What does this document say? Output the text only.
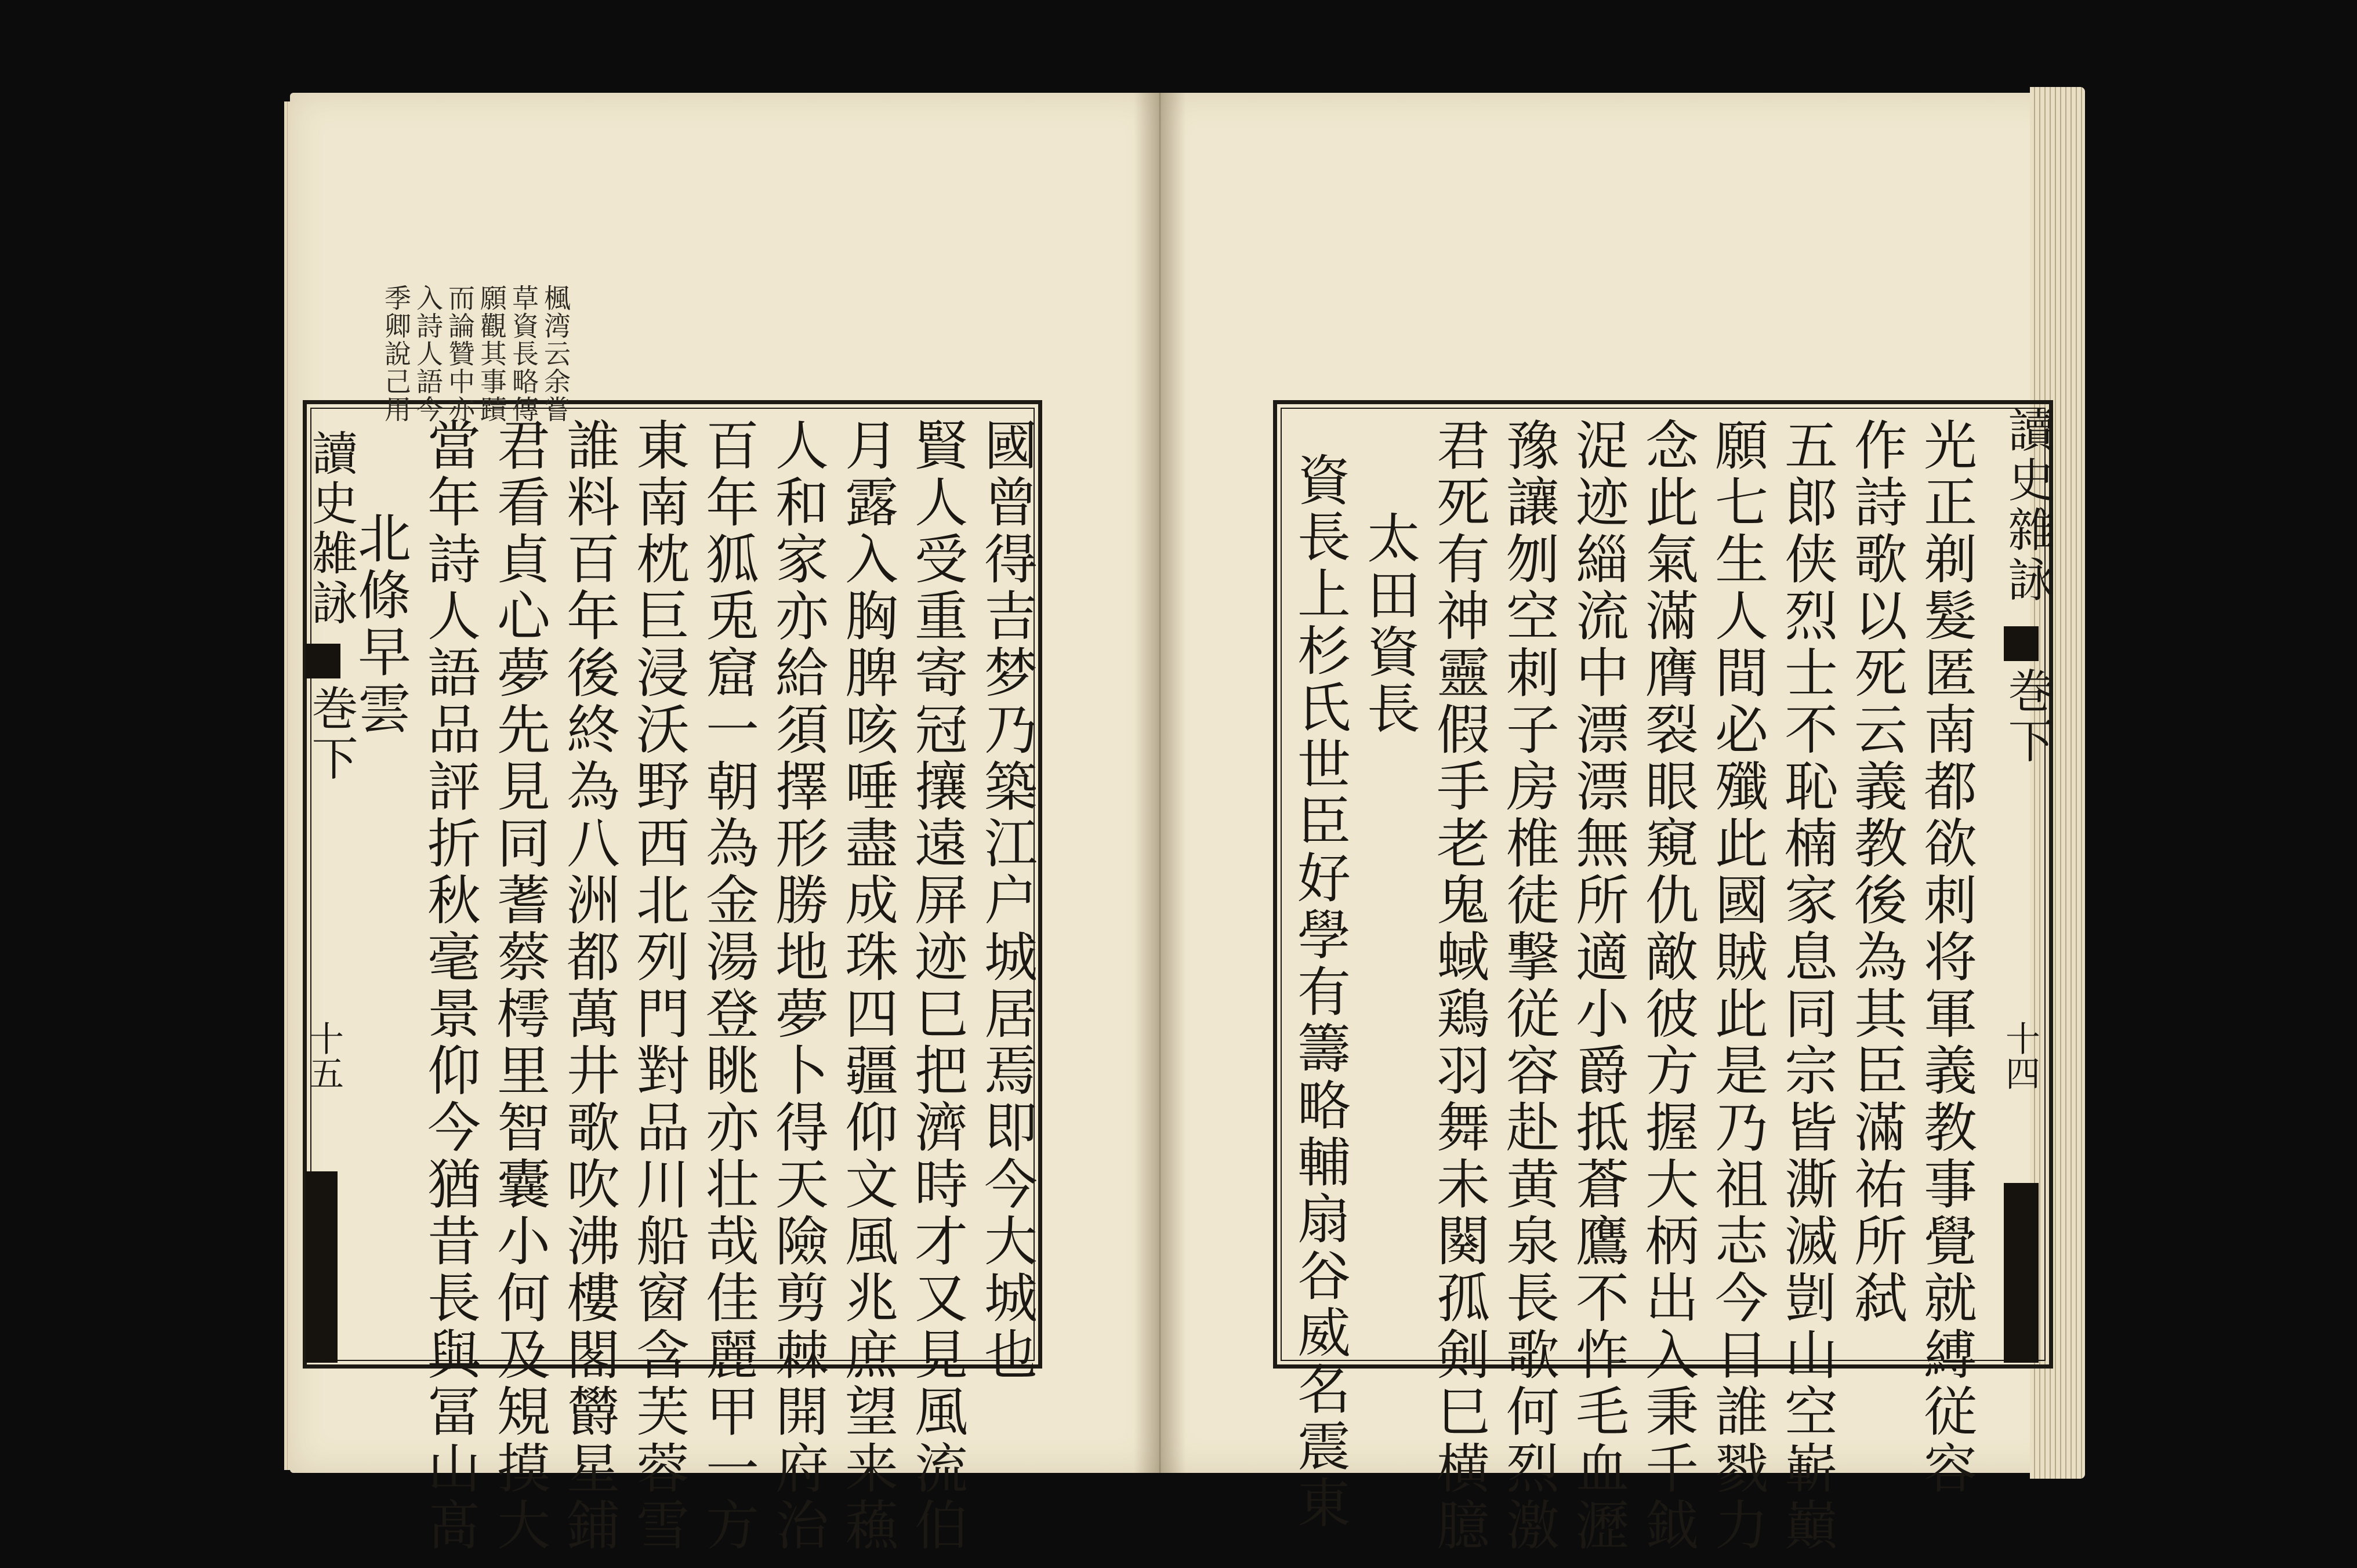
楓湾云余嘗
草資長略傳
願觀其事蹟
而論贊中亦
入詩人語今
季卿說己用
國曾得吉梦乃築江户城居焉即今大城也
賢人受重寄冠攘遠屏迹巳把濟時才又見風流伯
月露入胸脾咳唾盡成珠四疆仰文風兆庶望来蘓
人和家亦給須擇形勝地夢卜得天險剪棘開府治
百年狐兎窟一朝為金湯登眺亦壮哉佳麗甲一方
東南枕巨浸沃野西北列門對品川船窗含芙蓉雪
誰料百年後終為八洲都萬井歌吹沸樓閣欝星鋪
君看貞心夢先見同蓍蔡樗里智囊小何及䂓摸大
當年詩人語品評折秋毫景仰今猶昔長與冨山髙
北條早雲
讀史雑詠
巻下
十五
讀史雜詠
巻下
十四
光正剃髮匿南都欲刺将軍義教事覺就縛従容
作詩歌以死云義教後為其臣滿祐所弑
五郎侠烈士不恥楠家息同宗皆澌滅剴山空嶄巔
願七生人間必殲此國賊此是乃祖志今日誰戮力
念此氣滿膺裂眼窺仇敵彼方握大柄出入秉千鉞
浞迹緇流中漂漂無所適小爵抵蒼鷹不怍毛血瀝
豫讓刎空刺子房椎徒撃従容赴黄泉長歌何烈激
君死有神靈假手老鬼蜮鶏羽舞未闋孤剣巳横臆
太田資長
資長上杉氏世臣好學有籌略輔扇谷威名震東
